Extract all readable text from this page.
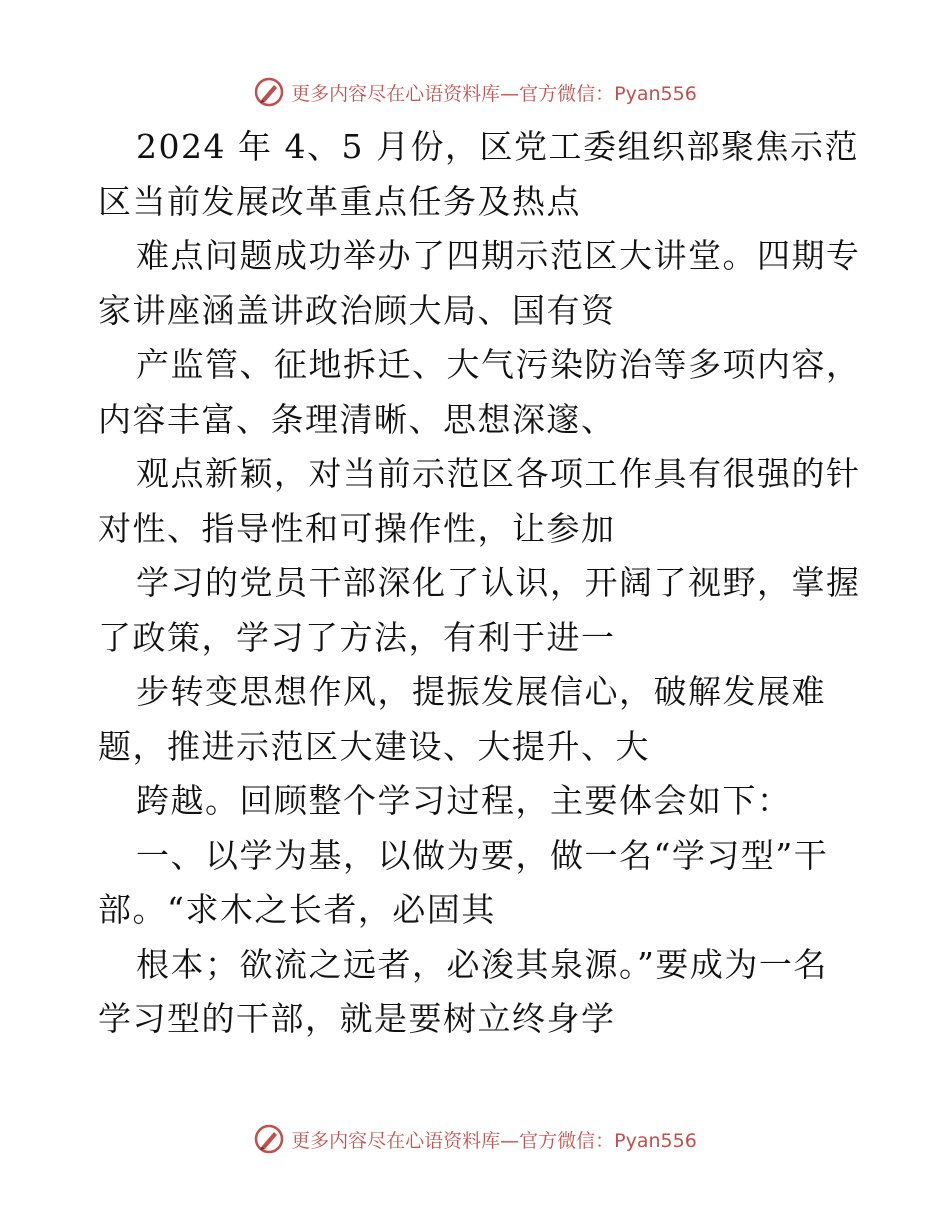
更多内容尽在心语资料库—官方微信：Pyan556
2024 年 4、5 月份，区党工委组织部聚焦示范
区当前发展改革重点任务及热点
难点问题成功举办了四期示范区大讲堂。四期专
家讲座涵盖讲政治顾大局、国有资
产监管、征地拆迁、大气污染防治等多项内容，
内容丰富、条理清晰、思想深邃、
观点新颖，对当前示范区各项工作具有很强的针
对性、指导性和可操作性，让参加
学习的党员干部深化了认识，开阔了视野，掌握
了政策，学习了方法，有利于进一
步转变思想作风，提振发展信心，破解发展难
题，推进示范区大建设、大提升、大
跨越。回顾整个学习过程，主要体会如下：
一、以学为基，以做为要，做一名“学习型”干
部。“求木之长者，必固其
根本；欲流之远者，必浚其泉源。”要成为一名
学习型的干部，就是要树立终身学
更多内容尽在心语资料库—官方微信：Pyan556
